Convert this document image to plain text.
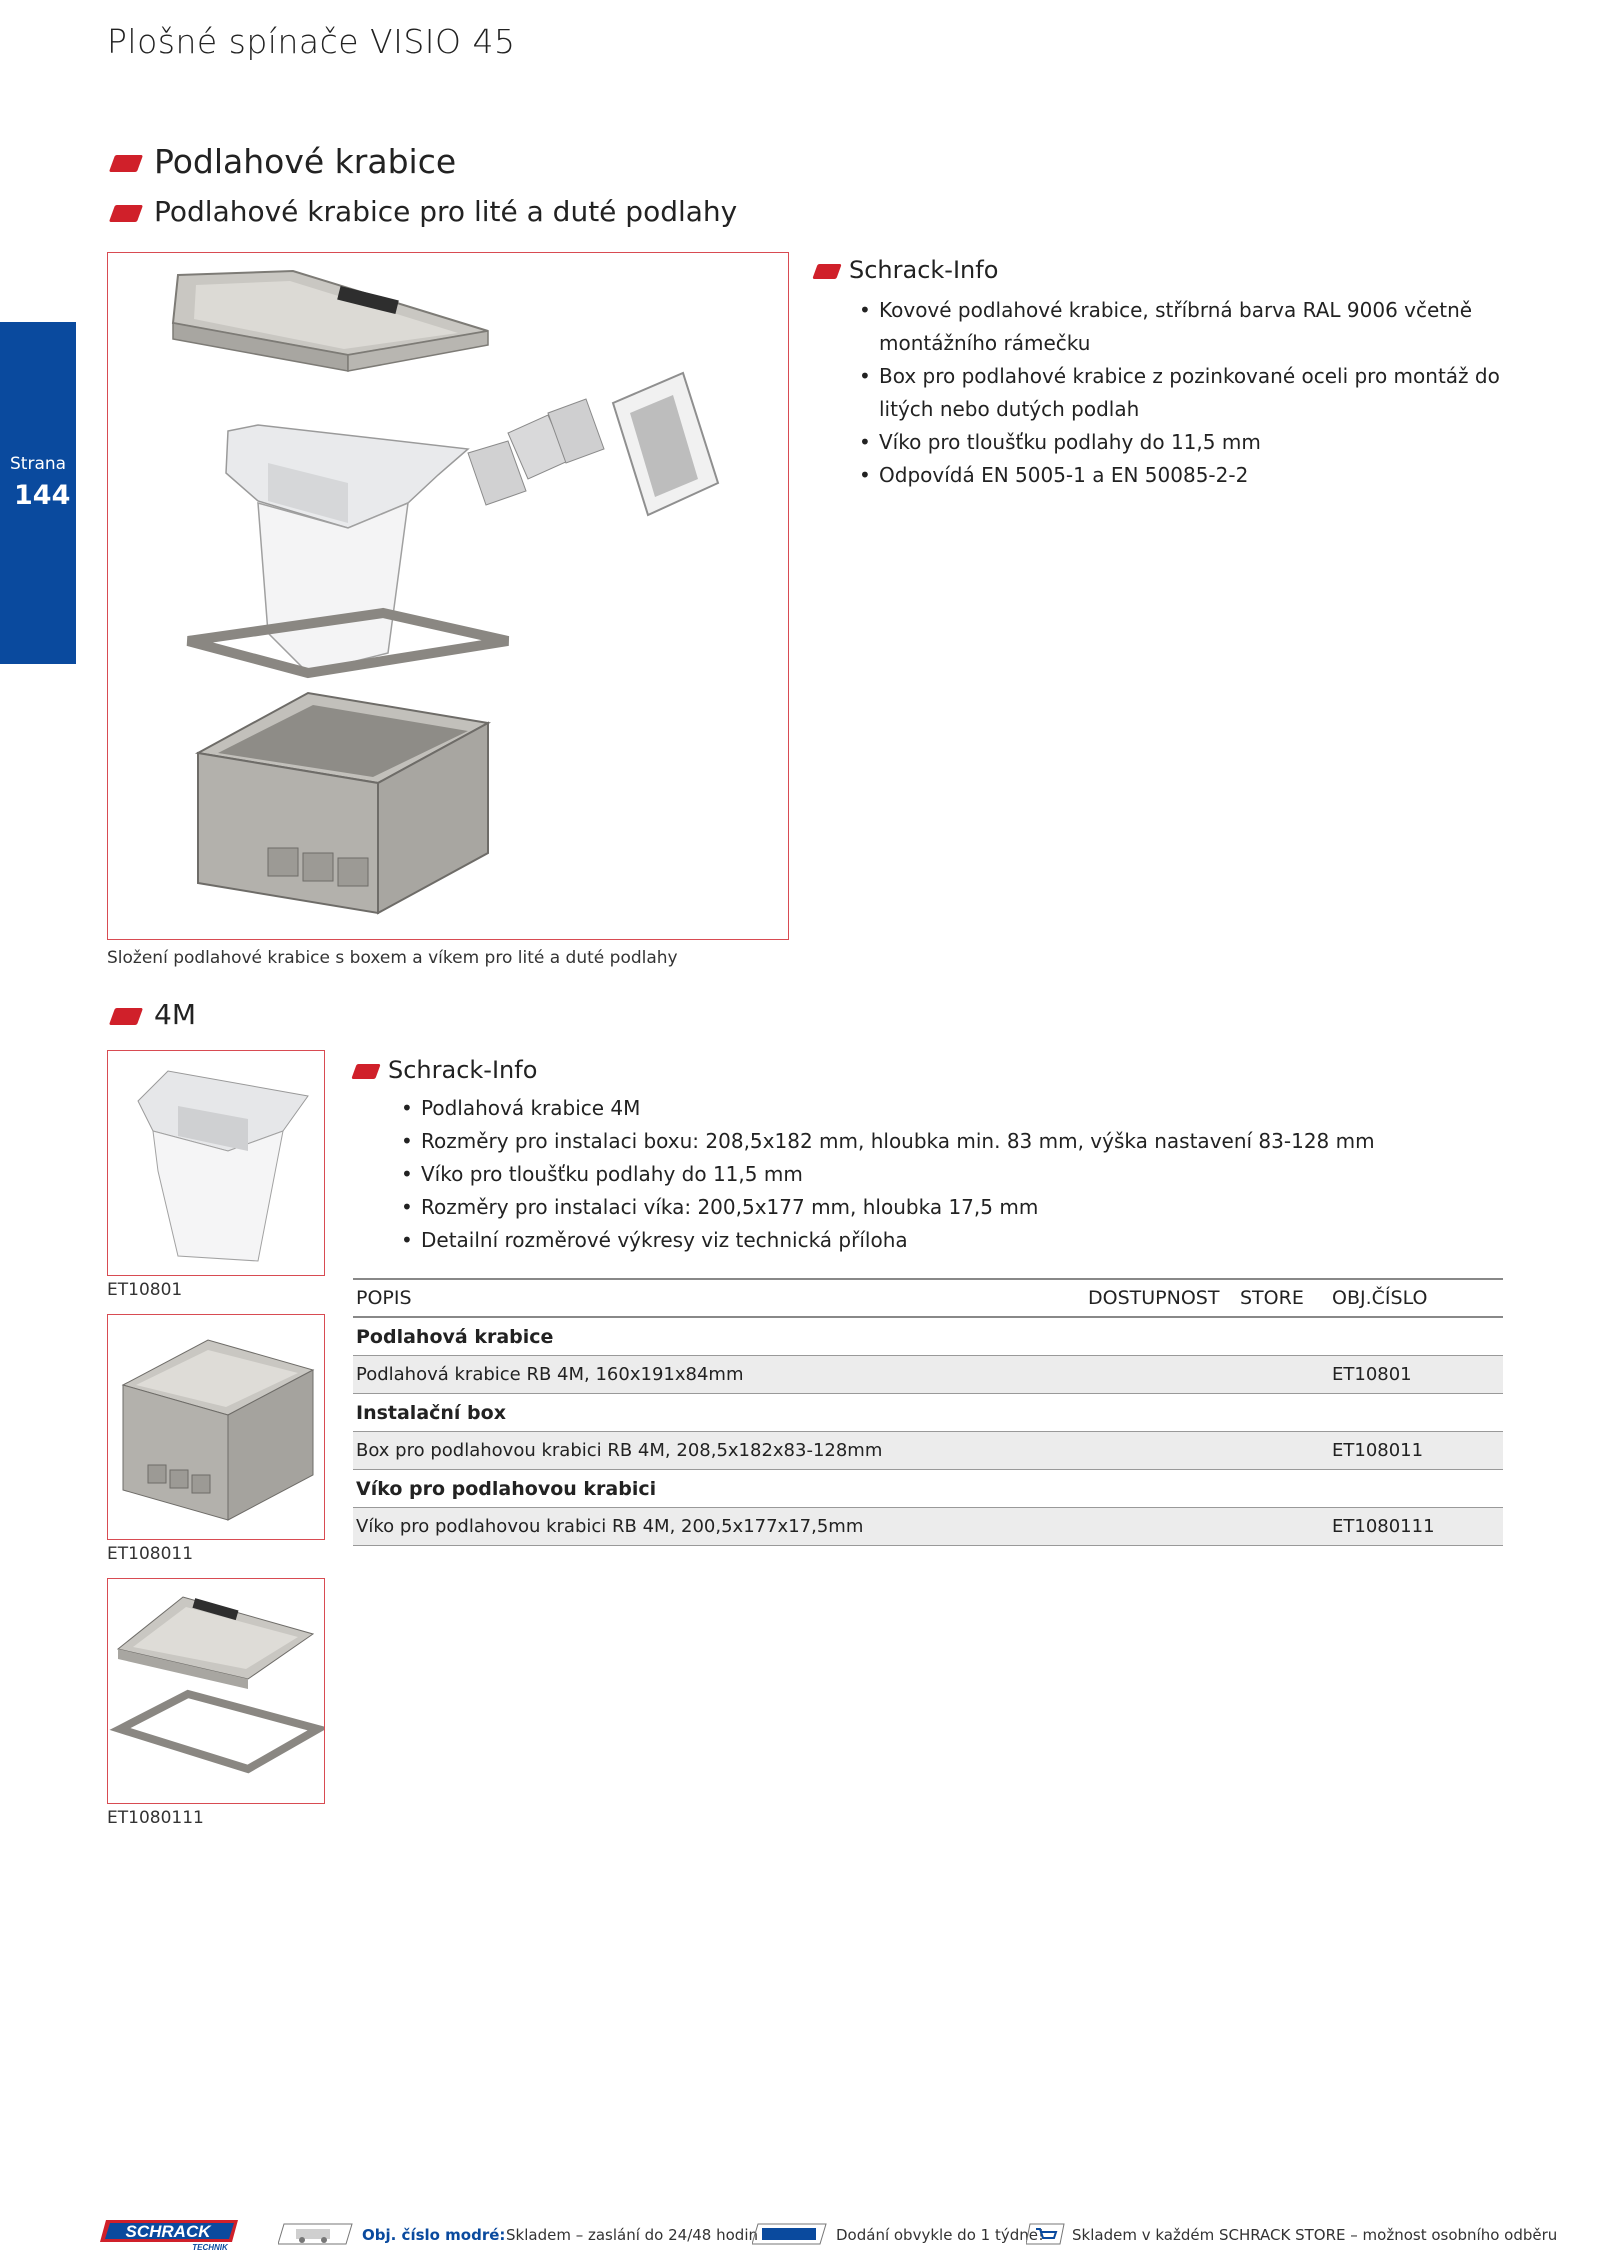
Plošné spínače VISIO 45
Strana
144
Podlahové krabice
Podlahové krabice pro lité a duté podlahy
Složení podlahové krabice s boxem a víkem pro lité a duté podlahy
Schrack-Info
• Kovové podlahové krabice, stříbrná barva RAL 9006 včetně
montážního rámečku
• Box pro podlahové krabice z pozinkované oceli pro montáž do
litých nebo dutých podlah
• Víko pro tloušťku podlahy do 11,5 mm
• Odpovídá EN 5005-1 a EN 50085-2-2
4M
ET10801
ET108011
ET1080111
Schrack-Info
• Podlahová krabice 4M
• Rozměry pro instalaci boxu: 208,5x182 mm, hloubka min. 83 mm, výška nastavení 83-128 mm
• Víko pro tloušťku podlahy do 11,5 mm
• Rozměry pro instalaci víka: 200,5x177 mm, hloubka 17,5 mm
• Detailní rozměrové výkresy viz technická příloha
POPIS	DOSTUPNOST	STORE	OBJ.ČÍSLO
Podlahová krabice			
Podlahová krabice RB 4M, 160x191x84mm			ET10801
Instalační box			
Box pro podlahovou krabici RB 4M, 208,5x182x83-128mm			ET108011
Víko pro podlahovou krabici			
Víko pro podlahovou krabici RB 4M, 200,5x177x17,5mm			ET1080111
SCHRACK
TECHNIK
Obj. číslo modré: Skladem – zaslání do 24/48 hodin	Dodání obvykle do 1 týdne! Skladem v každém SCHRACK STORE – možnost osobního odběru
